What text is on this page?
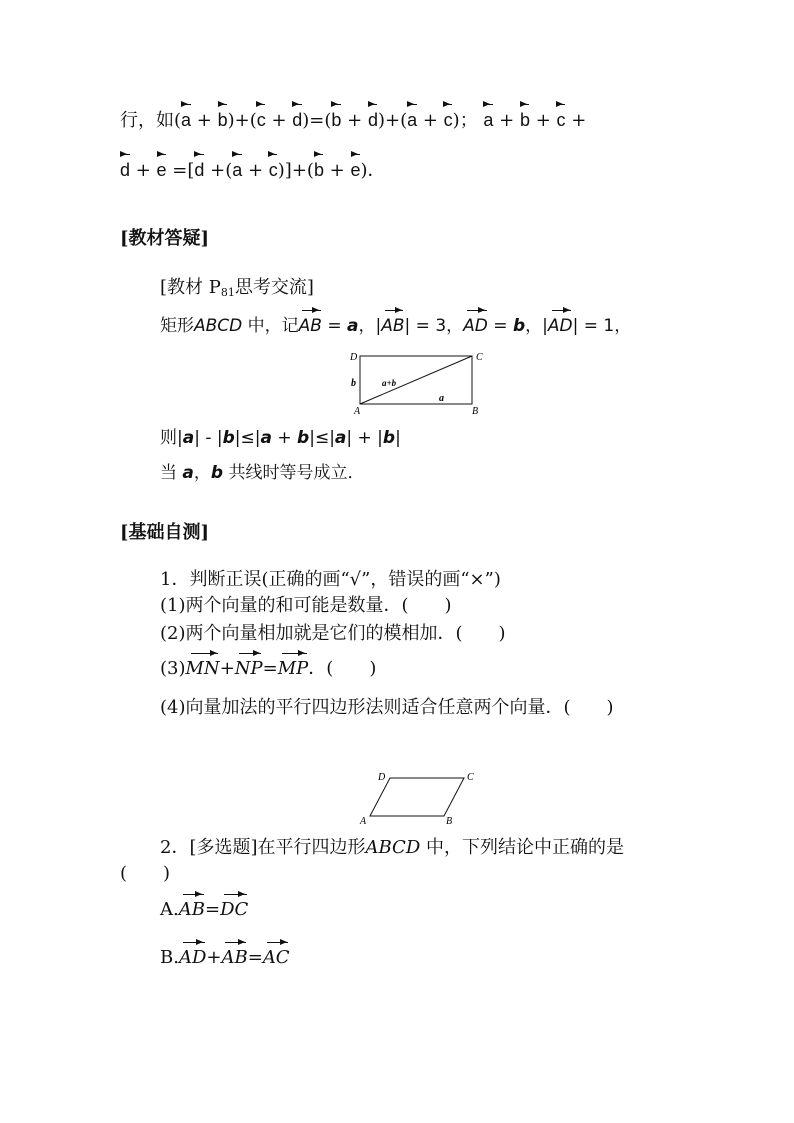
行，如(a + b)+(c + d)=(b + d)+(a + c)； a + b + c +
d + e =[d +(a + c)]+(b + e)．
[教材答疑]
[教材 $P_{81}$思考交流]
矩形ABCD 中，记AB = a，|AB| = 3，AD = b，|AD| = 1，
D	C
A	B
b
a
a+b
则|a| - |b|≤|a + b|≤|a| + |b|
当 a，b 共线时等号成立．
[基础自测]
1．判断正误(正确的画“√”，错误的画“×”)
(1)两个向量的和可能是数量．(　　)
(2)两个向量相加就是它们的模相加．(　　)
(3)MN+NP=MP．(　　)
(4)向量加法的平行四边形法则适合任意两个向量．(　　)
D	C
A	B
2．[多选题]在平行四边形ABCD 中，下列结论中正确的是
(　　)
A.AB=DC
B.AD+AB=AC
